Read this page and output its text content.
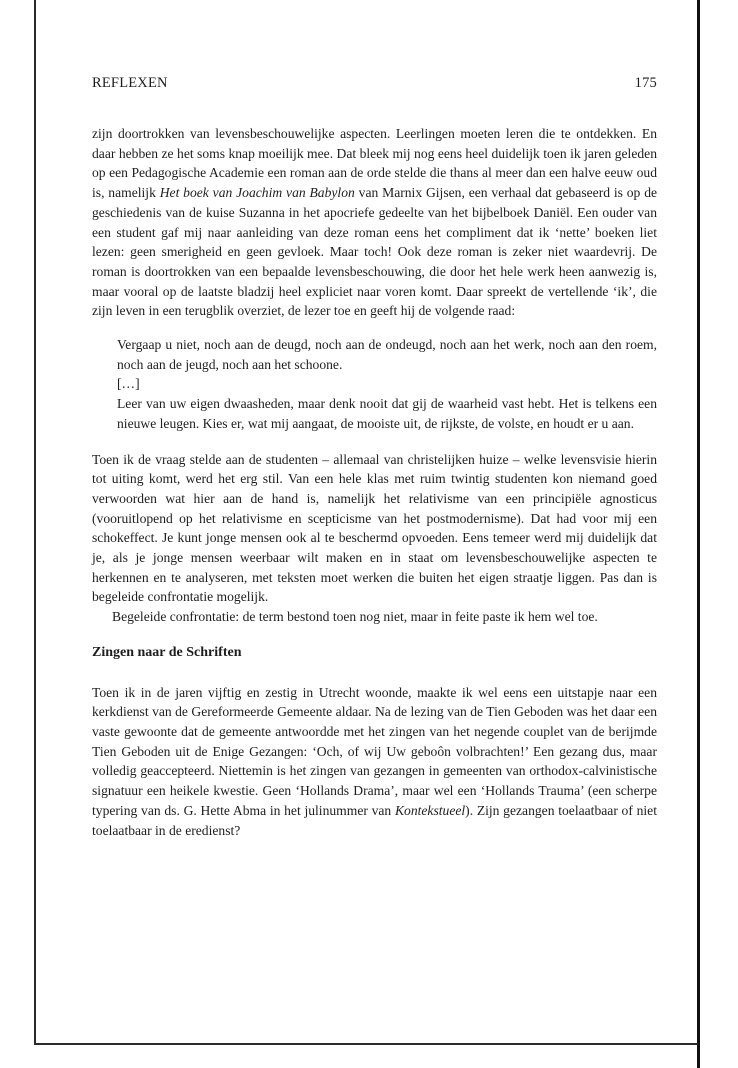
REFLEXEN	175

zijn doortrokken van levensbeschouwelijke aspecten. Leerlingen moeten leren die te ontdekken. En daar hebben ze het soms knap moeilijk mee. Dat bleek mij nog eens heel duidelijk toen ik jaren geleden op een Pedagogische Academie een roman aan de orde stelde die thans al meer dan een halve eeuw oud is, namelijk Het boek van Joachim van Babylon van Marnix Gijsen, een verhaal dat gebaseerd is op de geschiedenis van de kuise Suzanna in het apocriefe gedeelte van het bijbelboek Daniël. Een ouder van een student gaf mij naar aanleiding van deze roman eens het compliment dat ik ‘nette’ boeken liet lezen: geen smerigheid en geen gevloek. Maar toch! Ook deze roman is zeker niet waardevrij. De roman is doortrokken van een bepaalde levensbeschouwing, die door het hele werk heen aanwezig is, maar vooral op de laatste bladzij heel expliciet naar voren komt. Daar spreekt de vertellende ‘ik’, die zijn leven in een terugblik overziet, de lezer toe en geeft hij de volgende raad:

Vergaap u niet, noch aan de deugd, noch aan de ondeugd, noch aan het werk, noch aan den roem, noch aan de jeugd, noch aan het schoone.

[…]

Leer van uw eigen dwaasheden, maar denk nooit dat gij de waarheid vast hebt. Het is telkens een nieuwe leugen. Kies er, wat mij aangaat, de mooiste uit, de rijkste, de volste, en houdt er u aan.

Toen ik de vraag stelde aan de studenten – allemaal van christelijken huize – welke levensvisie hierin tot uiting komt, werd het erg stil. Van een hele klas met ruim twintig studenten kon niemand goed verwoorden wat hier aan de hand is, namelijk het relativisme van een principiële agnosticus (vooruitlopend op het relativisme en scepticisme van het postmodernisme). Dat had voor mij een schokeffect. Je kunt jonge mensen ook al te beschermd opvoeden. Eens temeer werd mij duidelijk dat je, als je jonge mensen weerbaar wilt maken en in staat om levensbeschouwelijke aspecten te herkennen en te analyseren, met teksten moet werken die buiten het eigen straatje liggen. Pas dan is begeleide confrontatie mogelijk.

Begeleide confrontatie: de term bestond toen nog niet, maar in feite paste ik hem wel toe.

Zingen naar de Schriften

Toen ik in de jaren vijftig en zestig in Utrecht woonde, maakte ik wel eens een uitstapje naar een kerkdienst van de Gereformeerde Gemeente aldaar. Na de lezing van de Tien Geboden was het daar een vaste gewoonte dat de gemeente antwoordde met het zingen van het negende couplet van de berijmde Tien Geboden uit de Enige Gezangen: ‘Och, of wij Uw geboôn volbrachten!’ Een gezang dus, maar volledig geaccepteerd. Niettemin is het zingen van gezangen in gemeenten van orthodox-calvinistische signatuur een heikele kwestie. Geen ‘Hollands Drama’, maar wel een ‘Hollands Trauma’ (een scherpe typering van ds. G. Hette Abma in het julinummer van Kontekstueel). Zijn gezangen toelaatbaar of niet toelaatbaar in de eredienst?
